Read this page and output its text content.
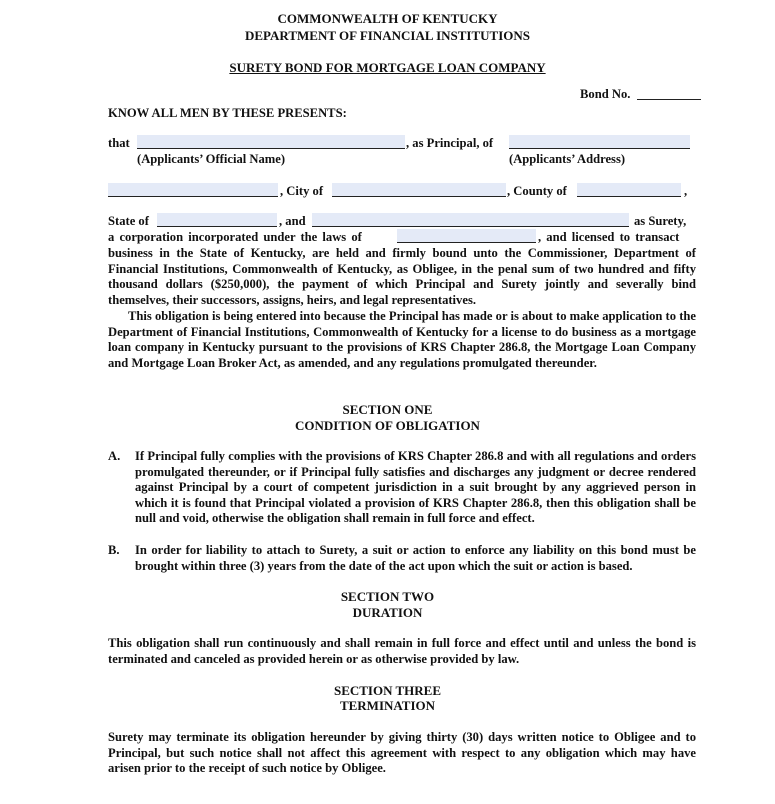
COMMONWEALTH OF KENTUCKY
DEPARTMENT OF FINANCIAL INSTITUTIONS
SURETY BOND FOR MORTGAGE LOAN COMPANY
Bond No.
KNOW ALL MEN BY THESE PRESENTS:
that	, as Principal, of
(Applicants’ Official Name)	(Applicants’ Address)
, City of	, County of	,
State of	, and	as Surety,
a corporation incorporated under the laws of	, and licensed to transact
business in the State of Kentucky, are held and firmly bound unto the Commissioner, Department of Financial Institutions, Commonwealth of Kentucky, as Obligee, in the penal sum of two hundred and fifty thousand dollars ($250,000), the payment of which Principal and Surety jointly and severally bind themselves, their successors, assigns, heirs, and legal representatives.
This obligation is being entered into because the Principal has made or is about to make application to the Department of Financial Institutions, Commonwealth of Kentucky for a license to do business as a mortgage loan company in Kentucky pursuant to the provisions of KRS Chapter 286.8, the Mortgage Loan Company and Mortgage Loan Broker Act, as amended, and any regulations promulgated thereunder.
SECTION ONE
CONDITION OF OBLIGATION
A. If Principal fully complies with the provisions of KRS Chapter 286.8 and with all regulations and orders promulgated thereunder, or if Principal fully satisfies and discharges any judgment or decree rendered against Principal by a court of competent jurisdiction in a suit brought by any aggrieved person in which it is found that Principal violated a provision of KRS Chapter 286.8, then this obligation shall be null and void, otherwise the obligation shall remain in full force and effect.
B. In order for liability to attach to Surety, a suit or action to enforce any liability on this bond must be brought within three (3) years from the date of the act upon which the suit or action is based.
SECTION TWO
DURATION
This obligation shall run continuously and shall remain in full force and effect until and unless the bond is terminated and canceled as provided herein or as otherwise provided by law.
SECTION THREE
TERMINATION
Surety may terminate its obligation hereunder by giving thirty (30) days written notice to Obligee and to Principal, but such notice shall not affect this agreement with respect to any obligation which may have arisen prior to the receipt of such notice by Obligee.
